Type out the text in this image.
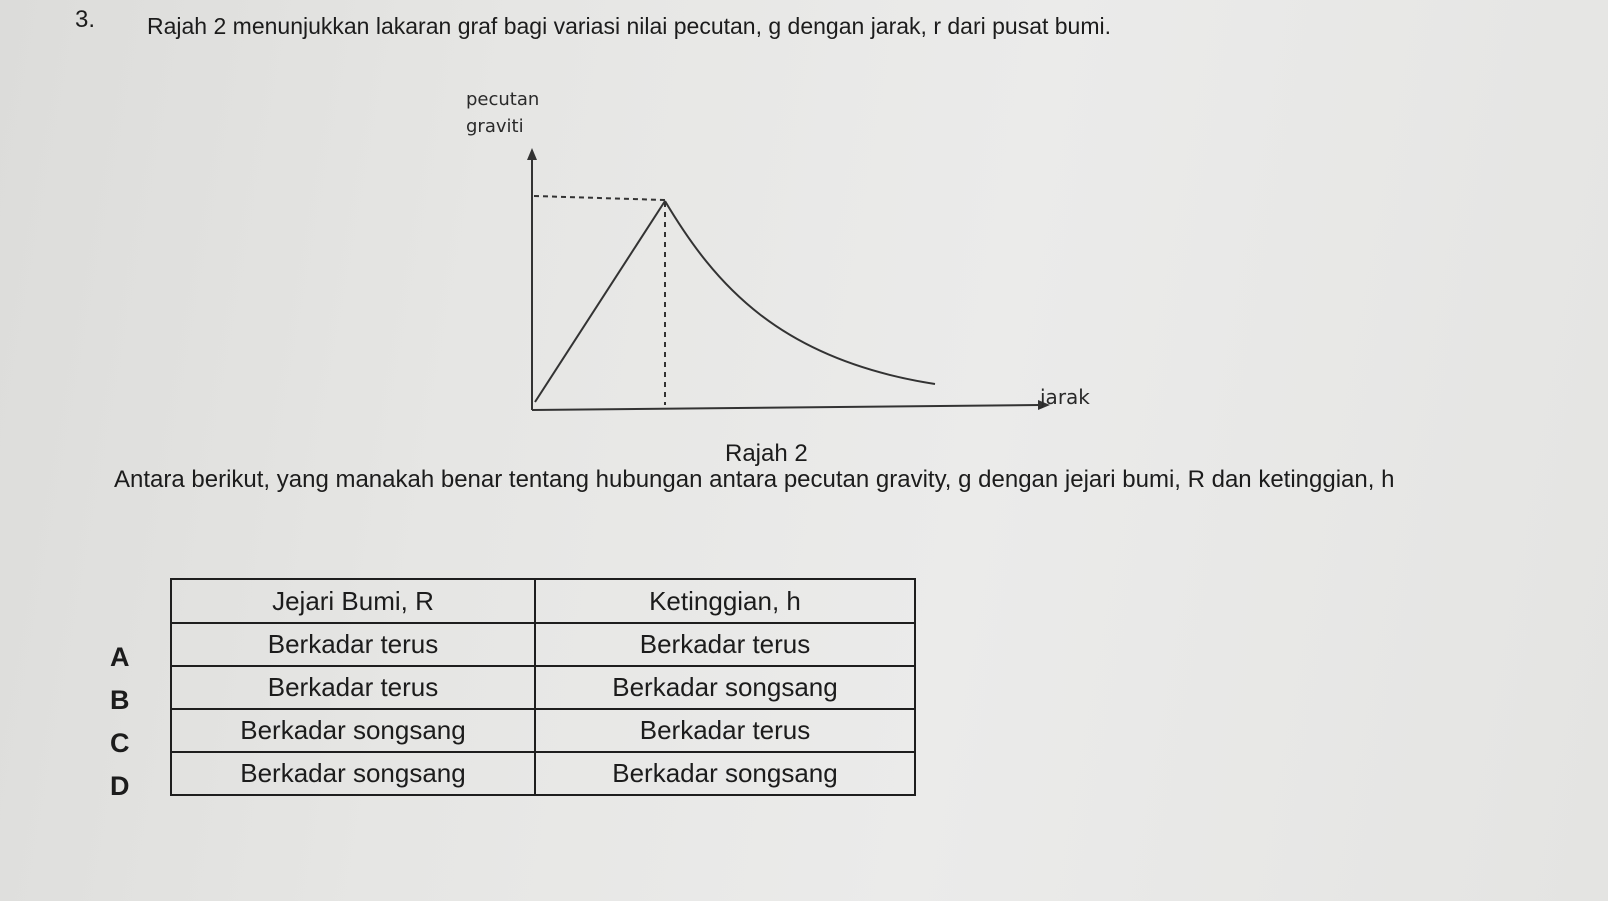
3. Rajah 2 menunjukkan lakaran graf bagi variasi nilai pecutan, g dengan jarak, r dari pusat bumi.
pecutan
graviti
jarak
Rajah 2
Antara berikut, yang manakah benar tentang hubungan antara pecutan gravity, g dengan jejari bumi, R dan ketinggian, h
A
B
C
D
Jejari Bumi, R	Ketinggian, h
Berkadar terus	Berkadar terus
Berkadar terus	Berkadar songsang
Berkadar songsang	Berkadar terus
Berkadar songsang	Berkadar songsang
